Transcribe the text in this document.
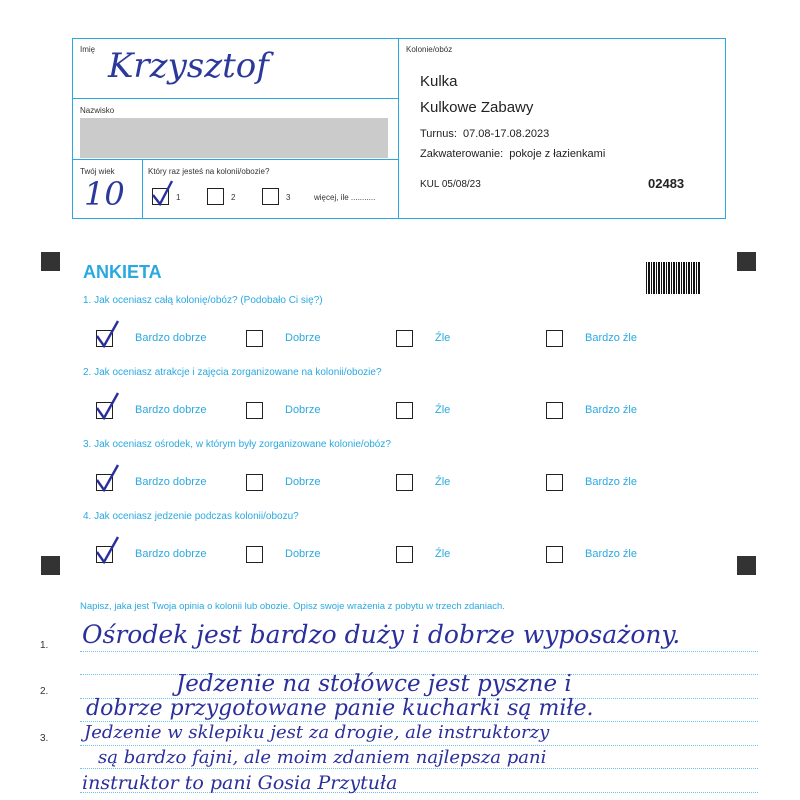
Imię Krzysztof
Nazwisko
Twój wiek
10
Który raz jesteś na kolonii/obozie?
1	2	3	więcej, ile ...........
Kolonie/obóz
Kulka
Kulkowe Zabawy
Turnus: 07.08-17.08.2023
Zakwaterowanie: pokoje z łazienkami
KUL 05/08/23	02483
ANKIETA
1. Jak oceniasz całą kolonię/obóz? (Podobało Ci się?)
Bardzo dobrze	Dobrze	Źle	Bardzo źle
2. Jak oceniasz atrakcje i zajęcia zorganizowane na kolonii/obozie?
Bardzo dobrze	Dobrze	Źle	Bardzo źle
3. Jak oceniasz ośrodek, w którym były zorganizowane kolonie/obóz?
Bardzo dobrze	Dobrze	Źle	Bardzo źle
4. Jak oceniasz jedzenie podczas kolonii/obozu?
Bardzo dobrze	Dobrze	Źle	Bardzo źle
Napisz, jaka jest Twoja opinia o kolonii lub obozie. Opisz swoje wrażenia z pobytu w trzech zdaniach.
1.
2.
3.
Ośrodek jest bardzo duży i dobrze wyposażony.
Jedzenie na stołówce jest pyszne i
dobrze przygotowane panie kucharki są miłe.
Jedzenie w sklepiku jest za drogie, ale instruktorzy
są bardzo fajni, ale moim zdaniem najlepsza pani
instruktor to pani Gosia Przytuła
